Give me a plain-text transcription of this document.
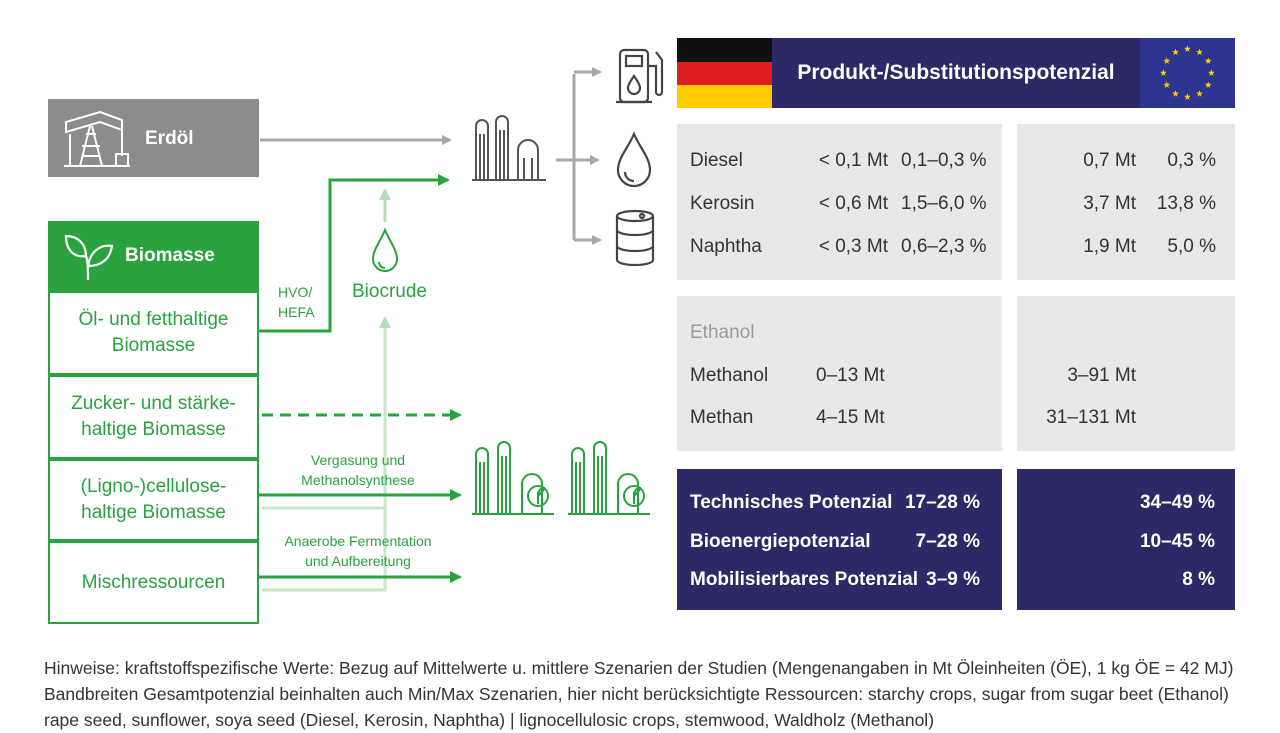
Erdöl
Biomasse
Öl- und fetthaltige
Biomasse
Zucker- und stärke-
haltige Biomasse
(Ligno-)cellulose-
haltige Biomasse
Mischressourcen
HVO/
HEFA
Biocrude
Vergasung und
Methanolsynthese
Anaerobe Fermentation
und Aufbereitung
Produkt-/Substitutionspotenzial
Diesel	< 0,1 Mt 0,1–0,3 %	0,7 Mt	0,3 %
Kerosin	< 0,6 Mt 1,5–6,0 %	3,7 Mt	13,8 %
Naphtha	< 0,3 Mt 0,6–2,3 %	1,9 Mt	5,0 %
Ethanol
Methanol	0–13 Mt	3–91 Mt
Methan	4–15 Mt	31–131 Mt
Technisches Potenzial 17–28 %	34–49 %
Bioenergiepotenzial	7–28 %	10–45 %
Mobilisierbares Potenzial 3–9 %	8 %
Hinweise: kraftstoffspezifische Werte: Bezug auf Mittelwerte u. mittlere Szenarien der Studien (Mengenangaben in Mt Öleinheiten (ÖE), 1 kg ÖE = 42 MJ)
Bandbreiten Gesamtpotenzial beinhalten auch Min/Max Szenarien, hier nicht berücksichtigte Ressourcen: starchy crops, sugar from sugar beet (Ethanol)
rape seed, sunflower, soya seed (Diesel, Kerosin, Naphtha) | lignocellulosic crops, stemwood, Waldholz (Methanol)
